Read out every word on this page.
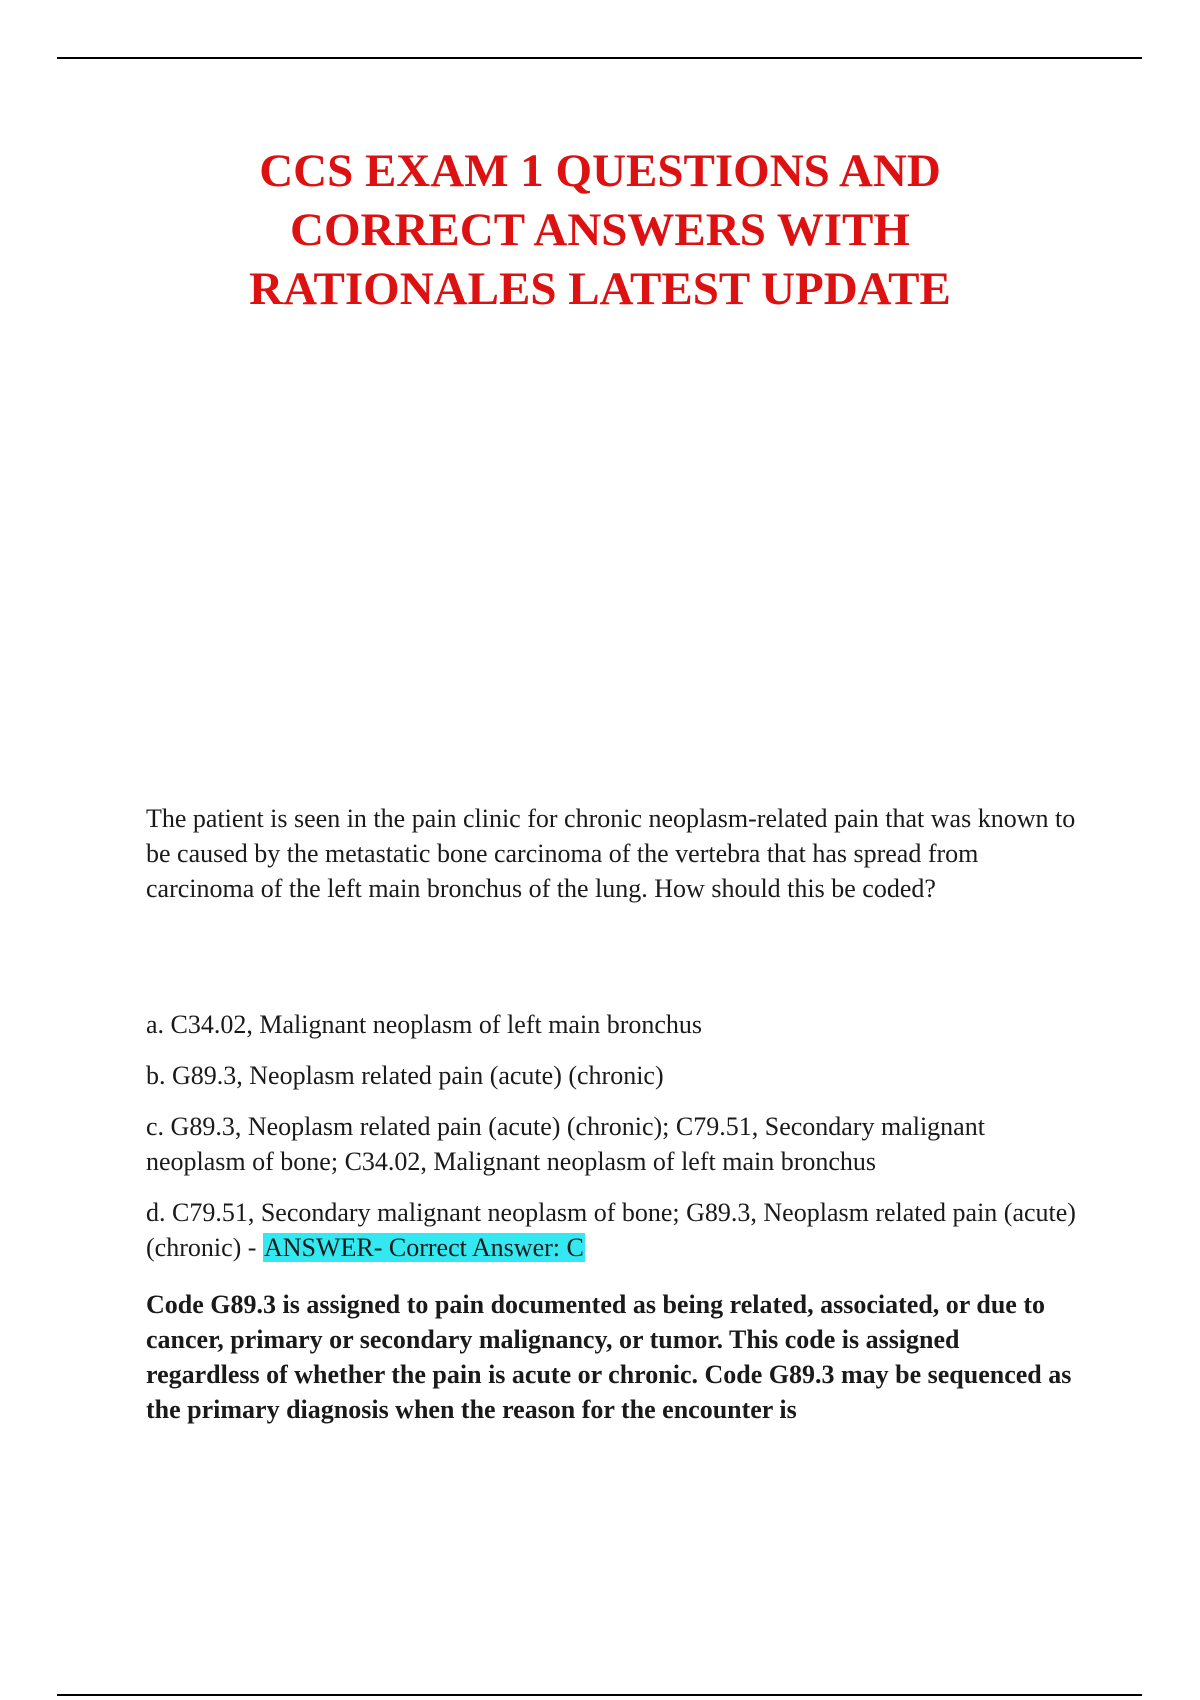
CCS EXAM 1 QUESTIONS AND
CORRECT ANSWERS WITH
RATIONALES LATEST UPDATE

The patient is seen in the pain clinic for chronic neoplasm-related pain that was known to be caused by the metastatic bone carcinoma of the vertebra that has spread from carcinoma of the left main bronchus of the lung. How should this be coded?

a. C34.02, Malignant neoplasm of left main bronchus
b. G89.3, Neoplasm related pain (acute) (chronic)
c. G89.3, Neoplasm related pain (acute) (chronic); C79.51, Secondary malignant neoplasm of bone; C34.02, Malignant neoplasm of left main bronchus
d. C79.51, Secondary malignant neoplasm of bone; G89.3, Neoplasm related pain (acute) (chronic) - ANSWER- Correct Answer: C

Code G89.3 is assigned to pain documented as being related, associated, or due to cancer, primary or secondary malignancy, or tumor. This code is assigned regardless of whether the pain is acute or chronic. Code G89.3 may be sequenced as the primary diagnosis when the reason for the encounter is
